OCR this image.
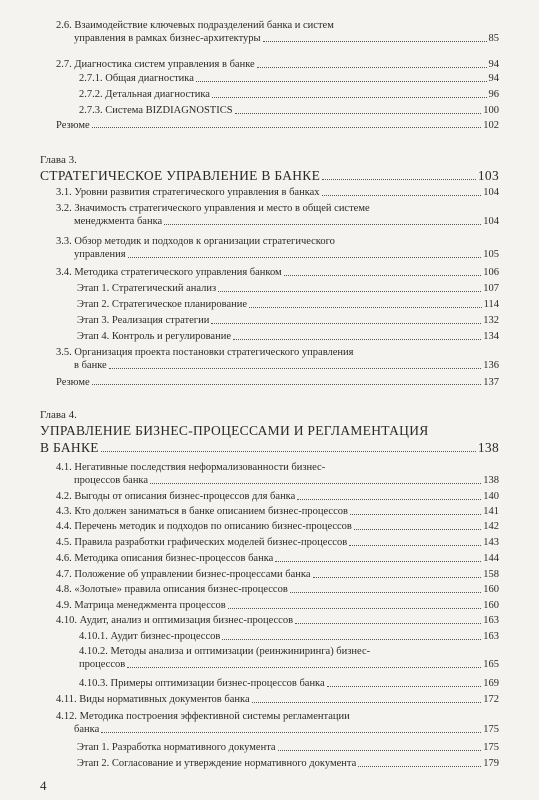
2.6. Взаимодействие ключевых подразделений банка и систем
управления в рамках бизнес-архитектуры	85
2.7. Диагностика систем управления в банке	94
2.7.1. Общая диагностика	94
2.7.2. Детальная диагностика	96
2.7.3. Система BIZDIAGNOSTICS	100
Резюме	102
Глава 3.
СТРАТЕГИЧЕСКОЕ УПРАВЛЕНИЕ В БАНКЕ	103
3.1. Уровни развития стратегического управления в банках	104
3.2. Значимость стратегического управления и место в общей системе
менеджмента банка	104
3.3. Обзор методик и подходов к организации стратегического
управления	105
3.4. Методика стратегического управления банком	106
Этап 1. Стратегический анализ	107
Этап 2. Стратегическое планирование	114
Этап 3. Реализация стратегии	132
Этап 4. Контроль и регулирование	134
3.5. Организация проекта постановки стратегического управления
в банке	136
Резюме	137
Глава 4.
УПРАВЛЕНИЕ БИЗНЕС-ПРОЦЕССАМИ И РЕГЛАМЕНТАЦИЯ
В БАНКЕ	138
4.1. Негативные последствия неформализованности бизнес-
процессов банка	138
4.2. Выгоды от описания бизнес-процессов для банка	140
4.3. Кто должен заниматься в банке описанием бизнес-процессов	141
4.4. Перечень методик и подходов по описанию бизнес-процессов	142
4.5. Правила разработки графических моделей бизнес-процессов	143
4.6. Методика описания бизнес-процессов банка	144
4.7. Положение об управлении бизнес-процессами банка	158
4.8. «Золотые» правила описания бизнес-процессов	160
4.9. Матрица менеджмента процессов	160
4.10. Аудит, анализ и оптимизация бизнес-процессов	163
4.10.1. Аудит бизнес-процессов	163
4.10.2. Методы анализа и оптимизации (реинжиниринга) бизнес-
процессов	165
4.10.3. Примеры оптимизации бизнес-процессов банка	169
4.11. Виды нормативных документов банка	172
4.12. Методика построения эффективной системы регламентации
банка	175
Этап 1. Разработка нормативного документа	175
Этап 2. Согласование и утверждение нормативного документа	179
4
